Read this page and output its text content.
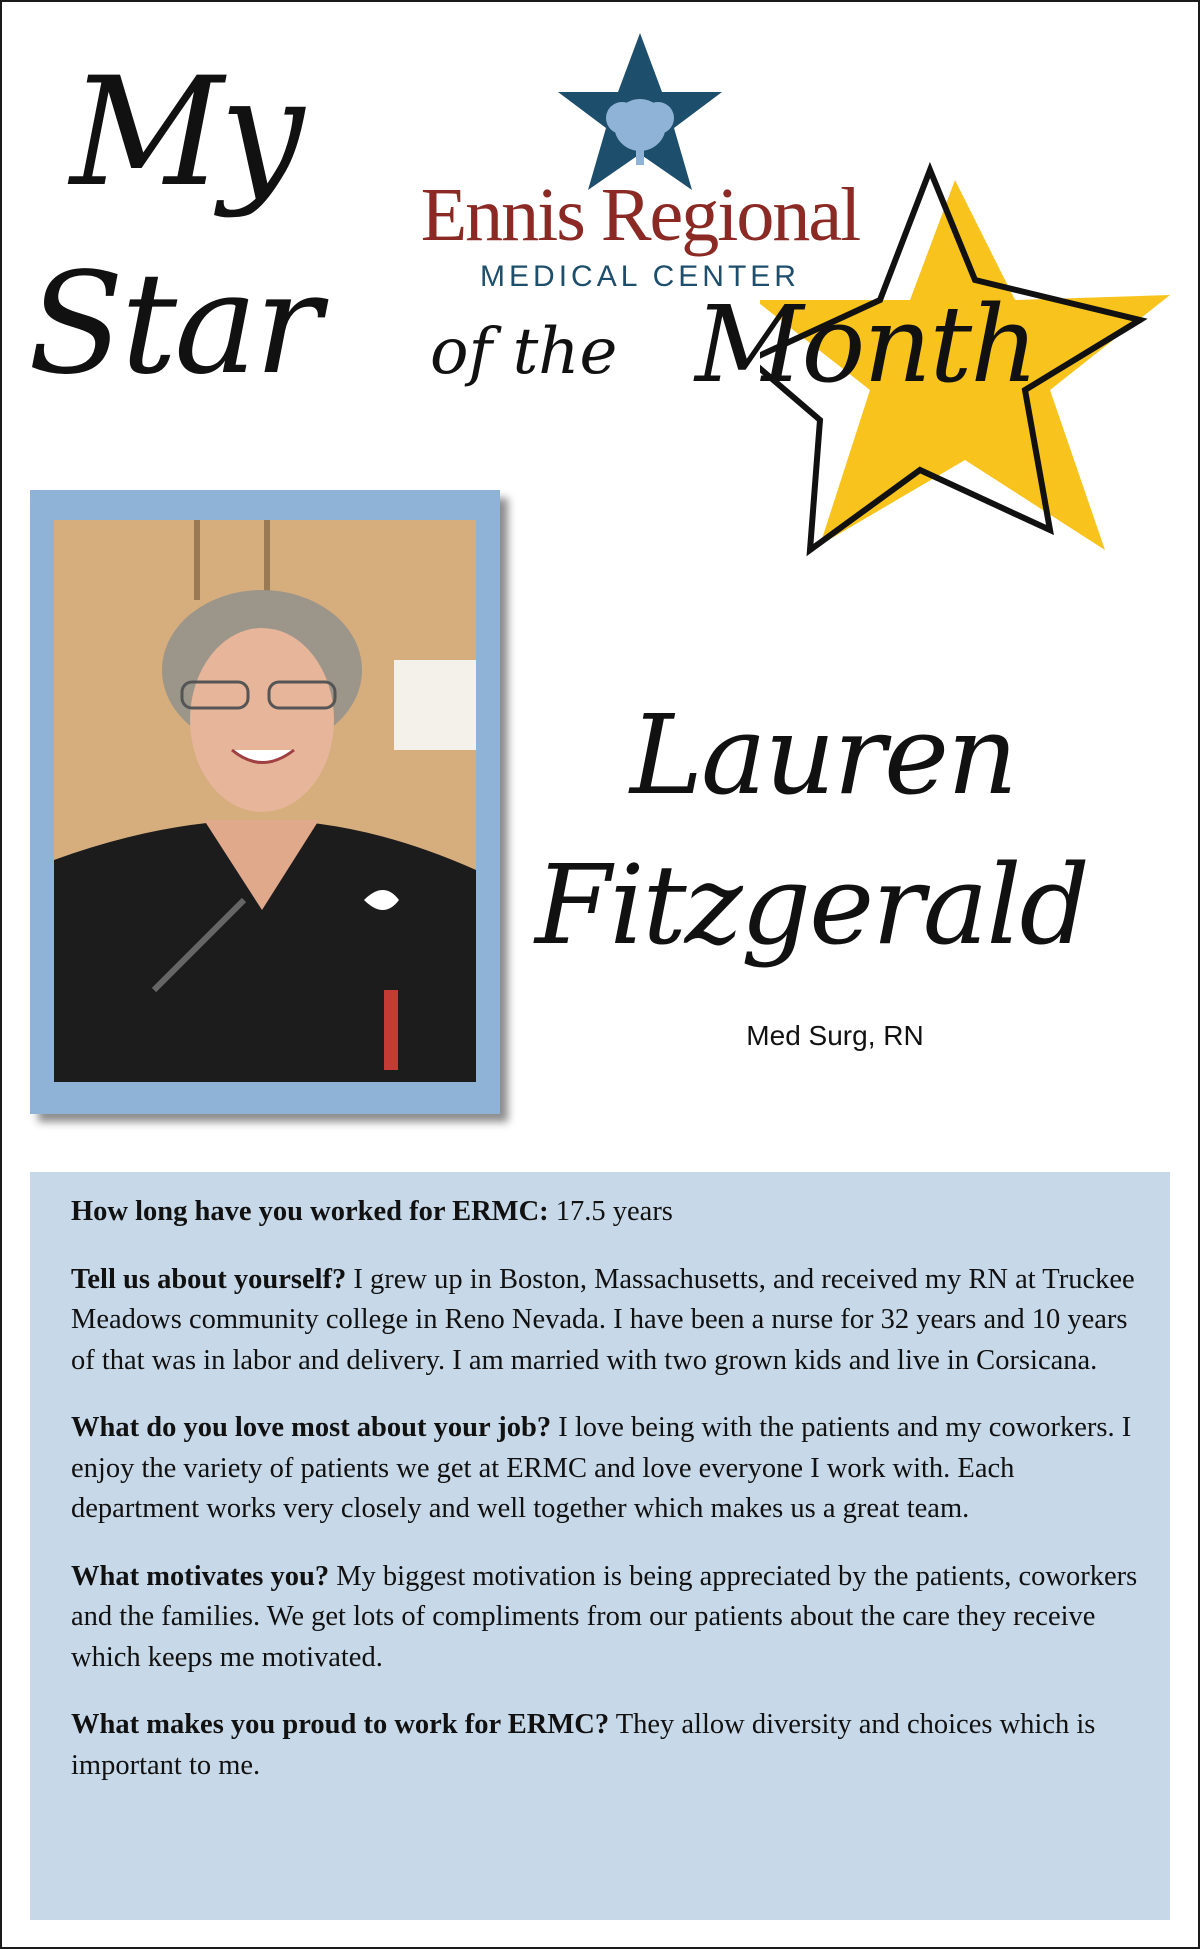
Ennis Regional
MEDICAL CENTER
My
Star of the Month
Lauren
Fitzgerald
Med Surg, RN

How long have you worked for ERMC: 17.5 years

Tell us about yourself? I grew up in Boston, Massachusetts, and received my RN at Truckee Meadows community college in Reno Nevada. I have been a nurse for 32 years and 10 years of that was in labor and delivery. I am married with two grown kids and live in Corsicana.

What do you love most about your job? I love being with the patients and my coworkers. I enjoy the variety of patients we get at ERMC and love everyone I work with. Each department works very closely and well together which makes us a great team.

What motivates you? My biggest motivation is being appreciated by the patients, coworkers and the families. We get lots of compliments from our patients about the care they receive which keeps me motivated.

What makes you proud to work for ERMC? They allow diversity and choices which is important to me.
